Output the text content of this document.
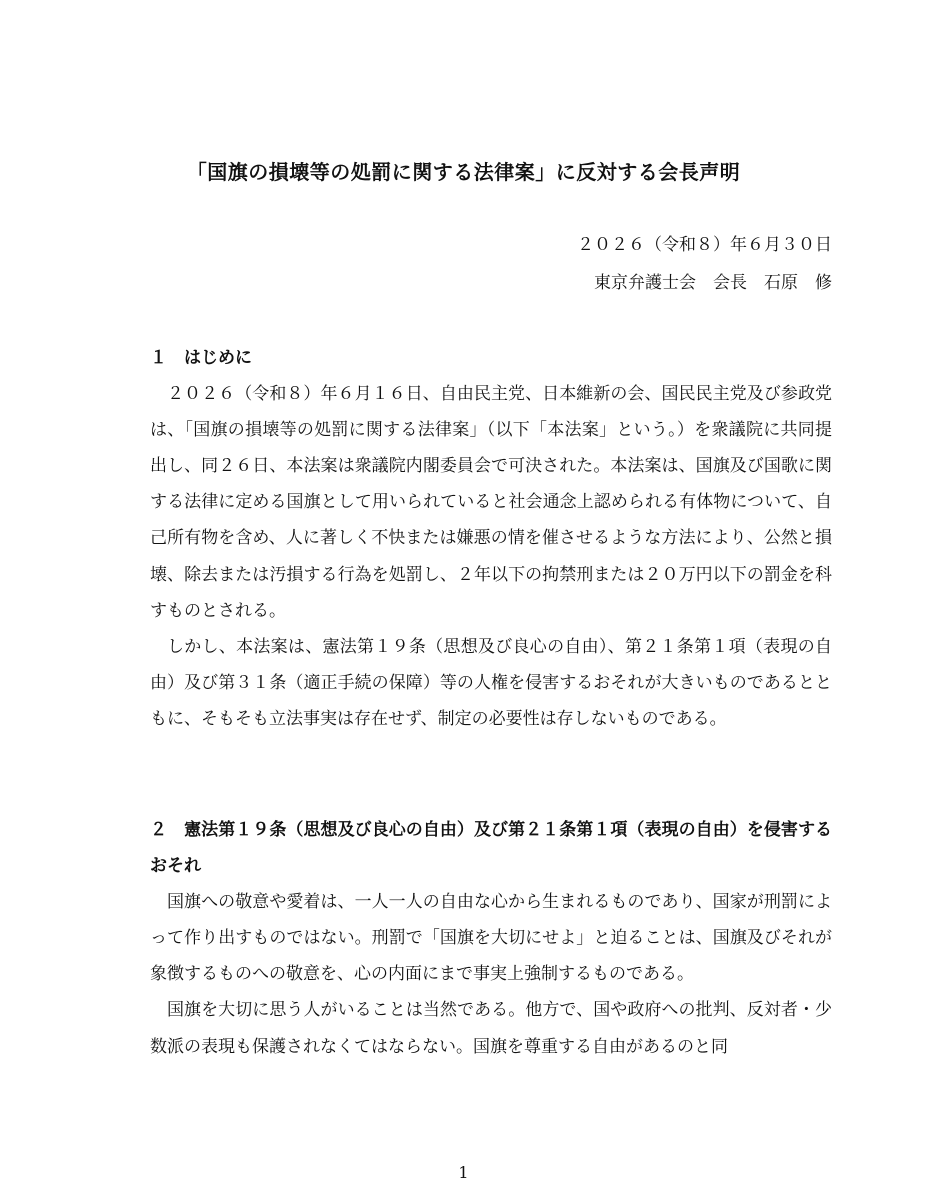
「国旗の損壊等の処罰に関する法律案」に反対する会長声明
２０２６（令和８）年６月３０日
東京弁護士会　会長　石原　修
１　はじめに

２０２６（令和８）年６月１６日、自由民主党、日本維新の会、国民民主党及び参政党は、「国旗の損壊等の処罰に関する法律案」（以下「本法案」という。）を衆議院に共同提出し、同２６日、本法案は衆議院内閣委員会で可決された。本法案は、国旗及び国歌に関する法律に定める国旗として用いられていると社会通念上認められる有体物について、自己所有物を含め、人に著しく不快または嫌悪の情を催させるような方法により、公然と損壊、除去または汚損する行為を処罰し、２年以下の拘禁刑または２０万円以下の罰金を科すものとされる。

しかし、本法案は、憲法第１９条（思想及び良心の自由）、第２１条第１項（表現の自由）及び第３１条（適正手続の保障）等の人権を侵害するおそれが大きいものであるとともに、そもそも立法事実は存在せず、制定の必要性は存しないものである。

２　憲法第１９条（思想及び良心の自由）及び第２１条第１項（表現の自由）を侵害するおそれ

国旗への敬意や愛着は、一人一人の自由な心から生まれるものであり、国家が刑罰によって作り出すものではない。刑罰で「国旗を大切にせよ」と迫ることは、国旗及びそれが象徴するものへの敬意を、心の内面にまで事実上強制するものである。

国旗を大切に思う人がいることは当然である。他方で、国や政府への批判、反対者・少数派の表現も保護されなくてはならない。国旗を尊重する自由があるのと同

1
